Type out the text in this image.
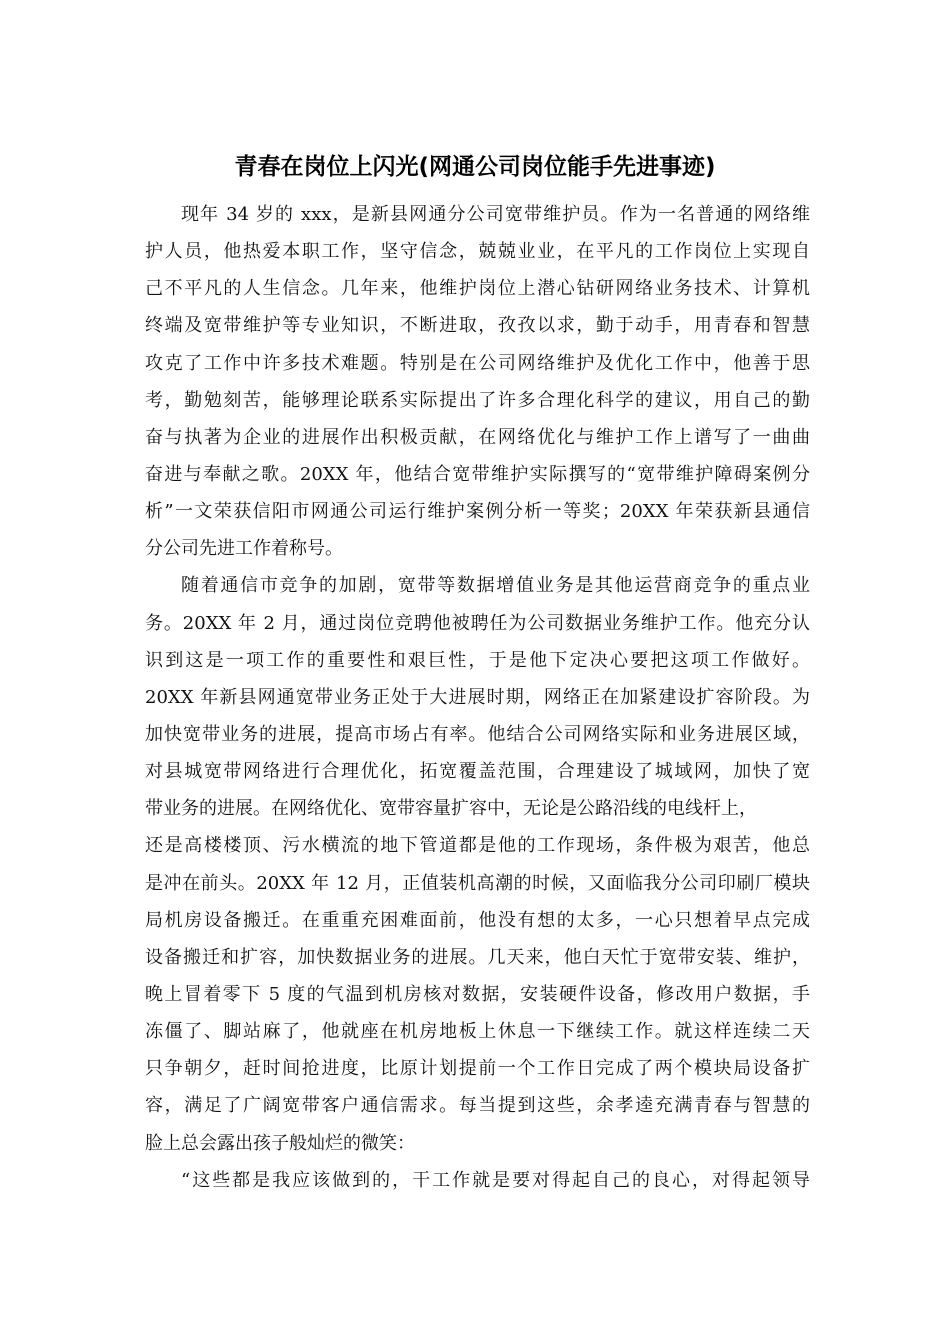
青春在岗位上闪光(网通公司岗位能手先进事迹)
现年 34 岁的 xxx，是新县网通分公司宽带维护员。作为一名普通的网络维
护人员，他热爱本职工作，坚守信念，兢兢业业，在平凡的工作岗位上实现自
己不平凡的人生信念。几年来，他维护岗位上潜心钻研网络业务技术、计算机
终端及宽带维护等专业知识，不断进取，孜孜以求，勤于动手，用青春和智慧
攻克了工作中许多技术难题。特别是在公司网络维护及优化工作中，他善于思
考，勤勉刻苦，能够理论联系实际提出了许多合理化科学的建议，用自己的勤
奋与执著为企业的进展作出积极贡献，在网络优化与维护工作上谱写了一曲曲
奋进与奉献之歌。20XX 年，他结合宽带维护实际撰写的“宽带维护障碍案例分
析”一文荣获信阳市网通公司运行维护案例分析一等奖；20XX 年荣获新县通信
分公司先进工作着称号。
随着通信市竞争的加剧，宽带等数据增值业务是其他运营商竞争的重点业
务。20XX 年 2 月，通过岗位竞聘他被聘任为公司数据业务维护工作。他充分认
识到这是一项工作的重要性和艰巨性，于是他下定决心要把这项工作做好。
20XX 年新县网通宽带业务正处于大进展时期，网络正在加紧建设扩容阶段。为
加快宽带业务的进展，提高市场占有率。他结合公司网络实际和业务进展区域，
对县城宽带网络进行合理优化，拓宽覆盖范围，合理建设了城域网，加快了宽
带业务的进展。在网络优化、宽带容量扩容中，无论是公路沿线的电线杆上，
还是高楼楼顶、污水横流的地下管道都是他的工作现场，条件极为艰苦，他总
是冲在前头。20XX 年 12 月，正值装机高潮的时候，又面临我分公司印刷厂模块
局机房设备搬迁。在重重充困难面前，他没有想的太多，一心只想着早点完成
设备搬迁和扩容，加快数据业务的进展。几天来，他白天忙于宽带安装、维护，
晚上冒着零下 5 度的气温到机房核对数据，安装硬件设备，修改用户数据，手
冻僵了、脚站麻了，他就座在机房地板上休息一下继续工作。就这样连续二天
只争朝夕，赶时间抢进度，比原计划提前一个工作日完成了两个模块局设备扩
容，满足了广阔宽带客户通信需求。每当提到这些，余孝逵充满青春与智慧的
脸上总会露出孩子般灿烂的微笑：
“这些都是我应该做到的，干工作就是要对得起自己的良心，对得起领导
